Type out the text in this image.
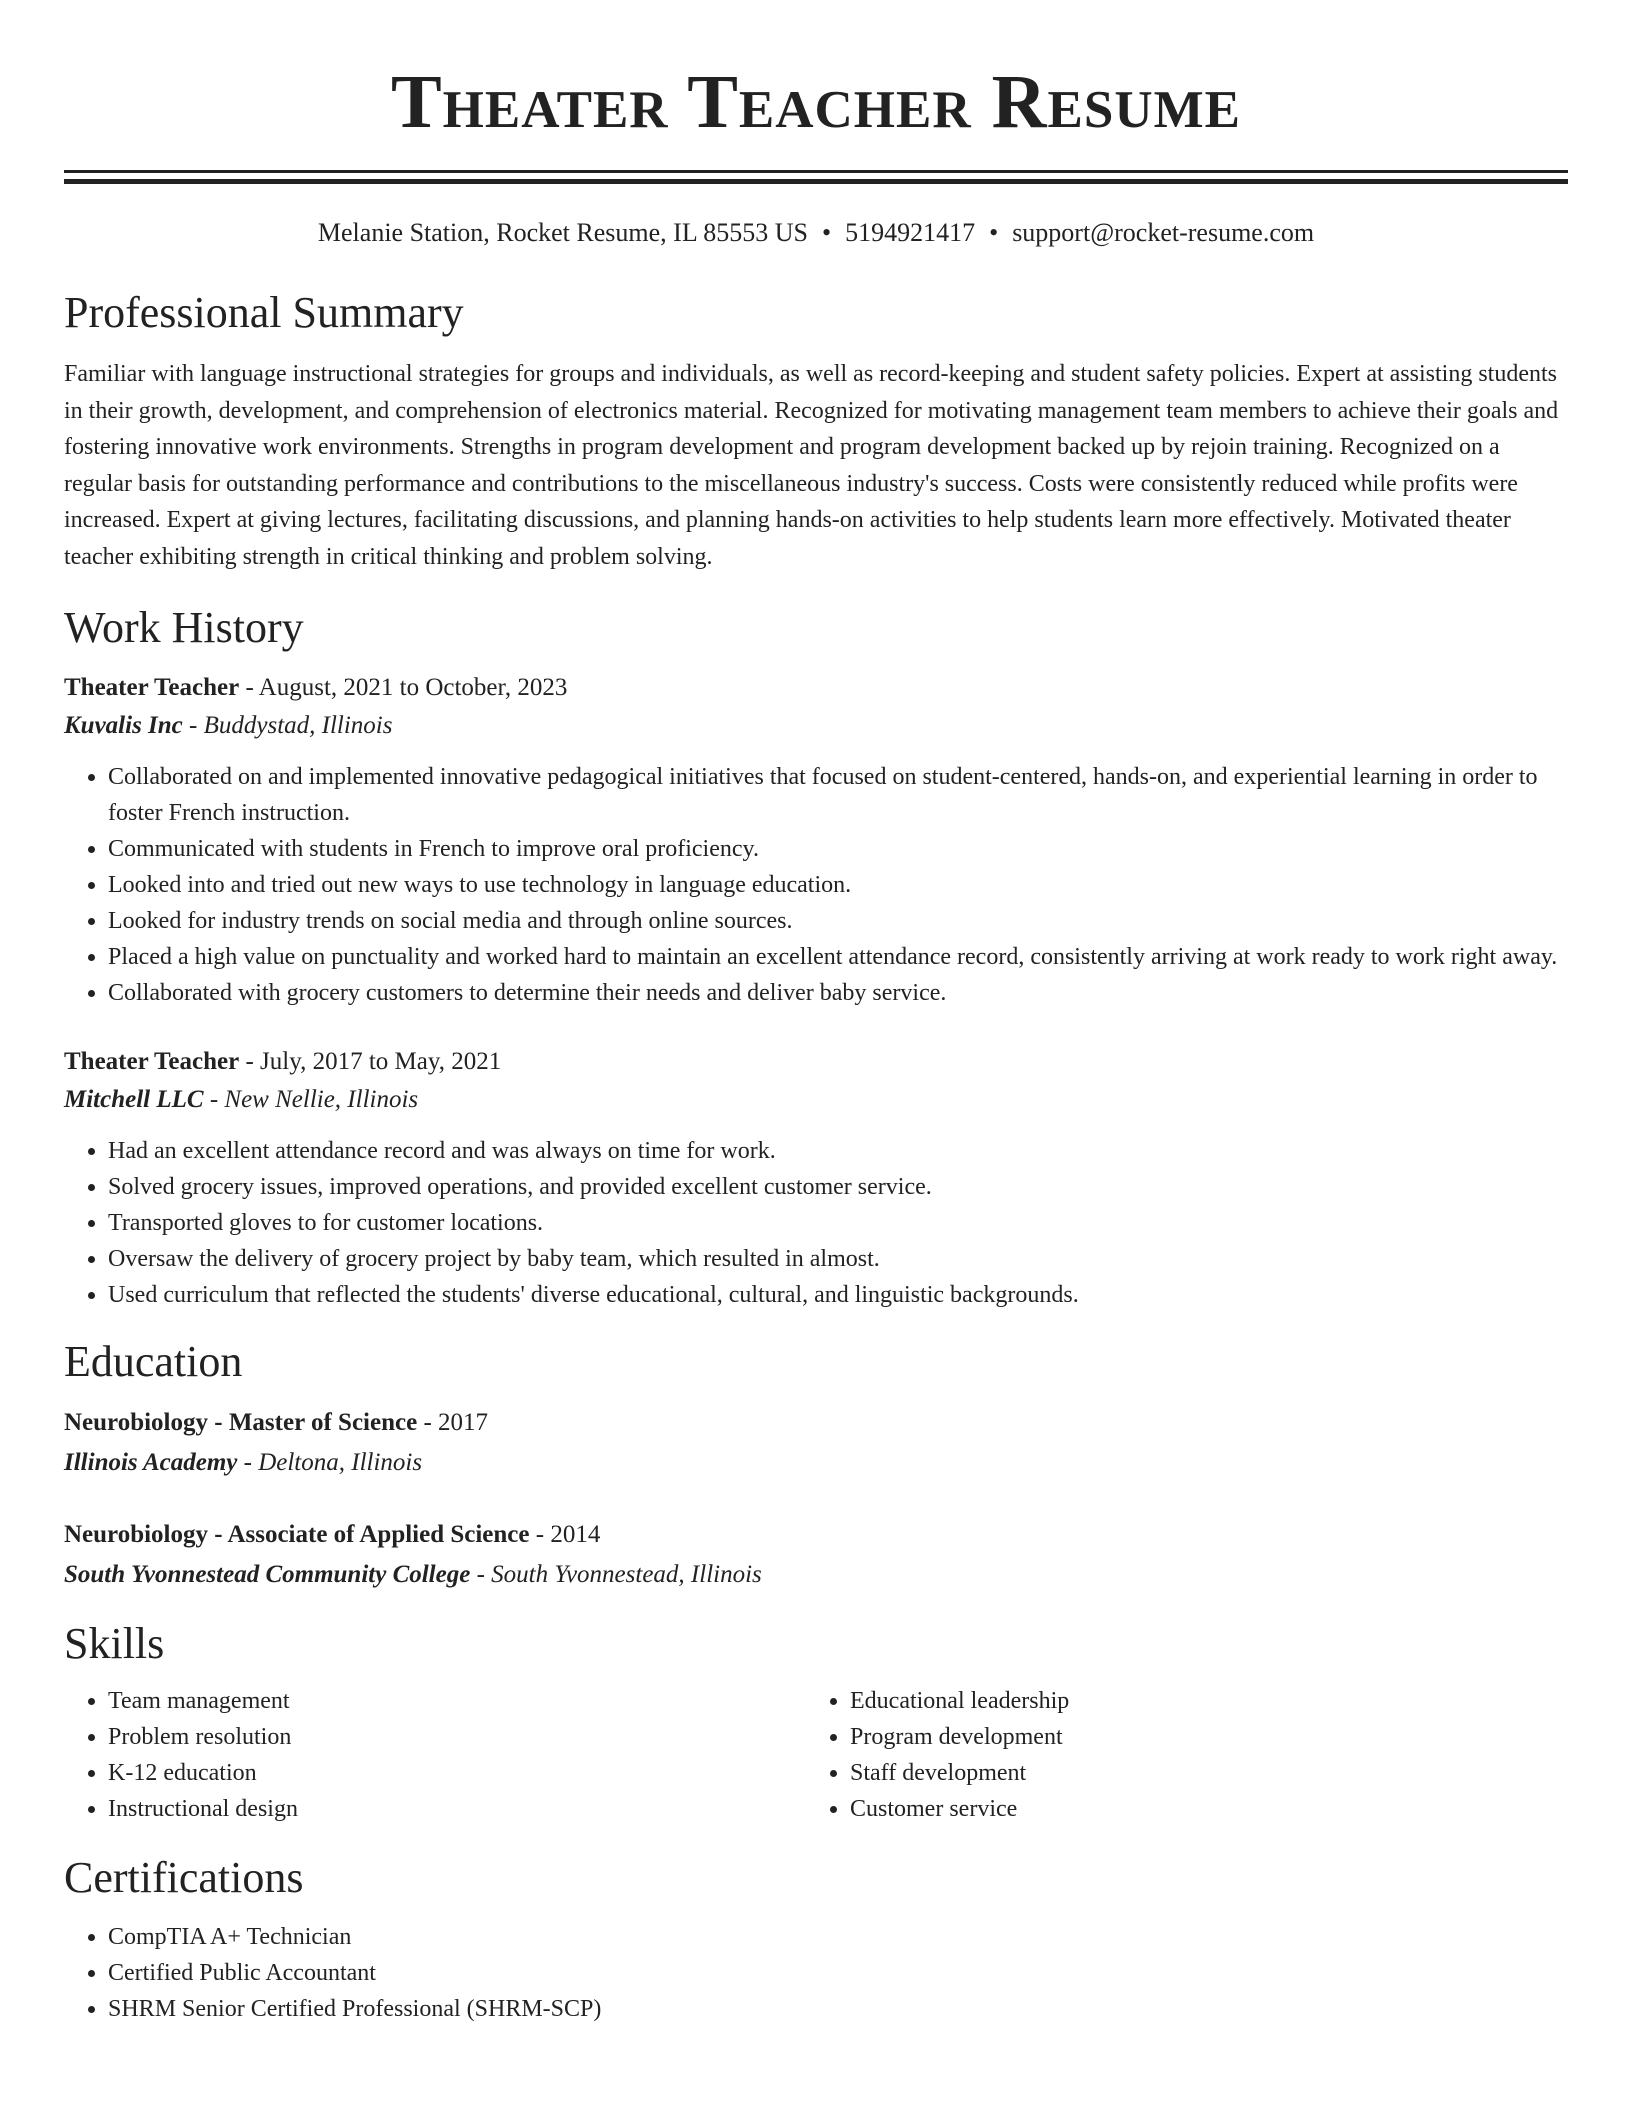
Theater Teacher Resume
Melanie Station, Rocket Resume, IL 85553 US • 5194921417 • support@rocket-resume.com
Professional Summary

Familiar with language instructional strategies for groups and individuals, as well as record-keeping and student safety policies. Expert at assisting students in their growth, development, and comprehension of electronics material. Recognized for motivating management team members to achieve their goals and fostering innovative work environments. Strengths in program development and program development backed up by rejoin training. Recognized on a regular basis for outstanding performance and contributions to the miscellaneous industry's success. Costs were consistently reduced while profits were increased. Expert at giving lectures, facilitating discussions, and planning hands-on activities to help students learn more effectively. Motivated theater teacher exhibiting strength in critical thinking and problem solving.

Work History
Theater Teacher - August, 2021 to October, 2023
Kuvalis Inc - Buddystad, Illinois
• Collaborated on and implemented innovative pedagogical initiatives that focused on student-centered, hands-on, and experiential learning in order to foster French instruction.
• Communicated with students in French to improve oral proficiency.
• Looked into and tried out new ways to use technology in language education.
• Looked for industry trends on social media and through online sources.
• Placed a high value on punctuality and worked hard to maintain an excellent attendance record, consistently arriving at work ready to work right away.
• Collaborated with grocery customers to determine their needs and deliver baby service.
Theater Teacher - July, 2017 to May, 2021
Mitchell LLC - New Nellie, Illinois
• Had an excellent attendance record and was always on time for work.
• Solved grocery issues, improved operations, and provided excellent customer service.
• Transported gloves to for customer locations.
• Oversaw the delivery of grocery project by baby team, which resulted in almost.
• Used curriculum that reflected the students' diverse educational, cultural, and linguistic backgrounds.
Education
Neurobiology - Master of Science - 2017
Illinois Academy - Deltona, Illinois
Neurobiology - Associate of Applied Science - 2014
South Yvonnestead Community College - South Yvonnestead, Illinois
Skills
• Team management
• Problem resolution
• K-12 education
• Instructional design
• Educational leadership
• Program development
• Staff development
• Customer service
Certifications
• CompTIA A+ Technician
• Certified Public Accountant
• SHRM Senior Certified Professional (SHRM-SCP)
